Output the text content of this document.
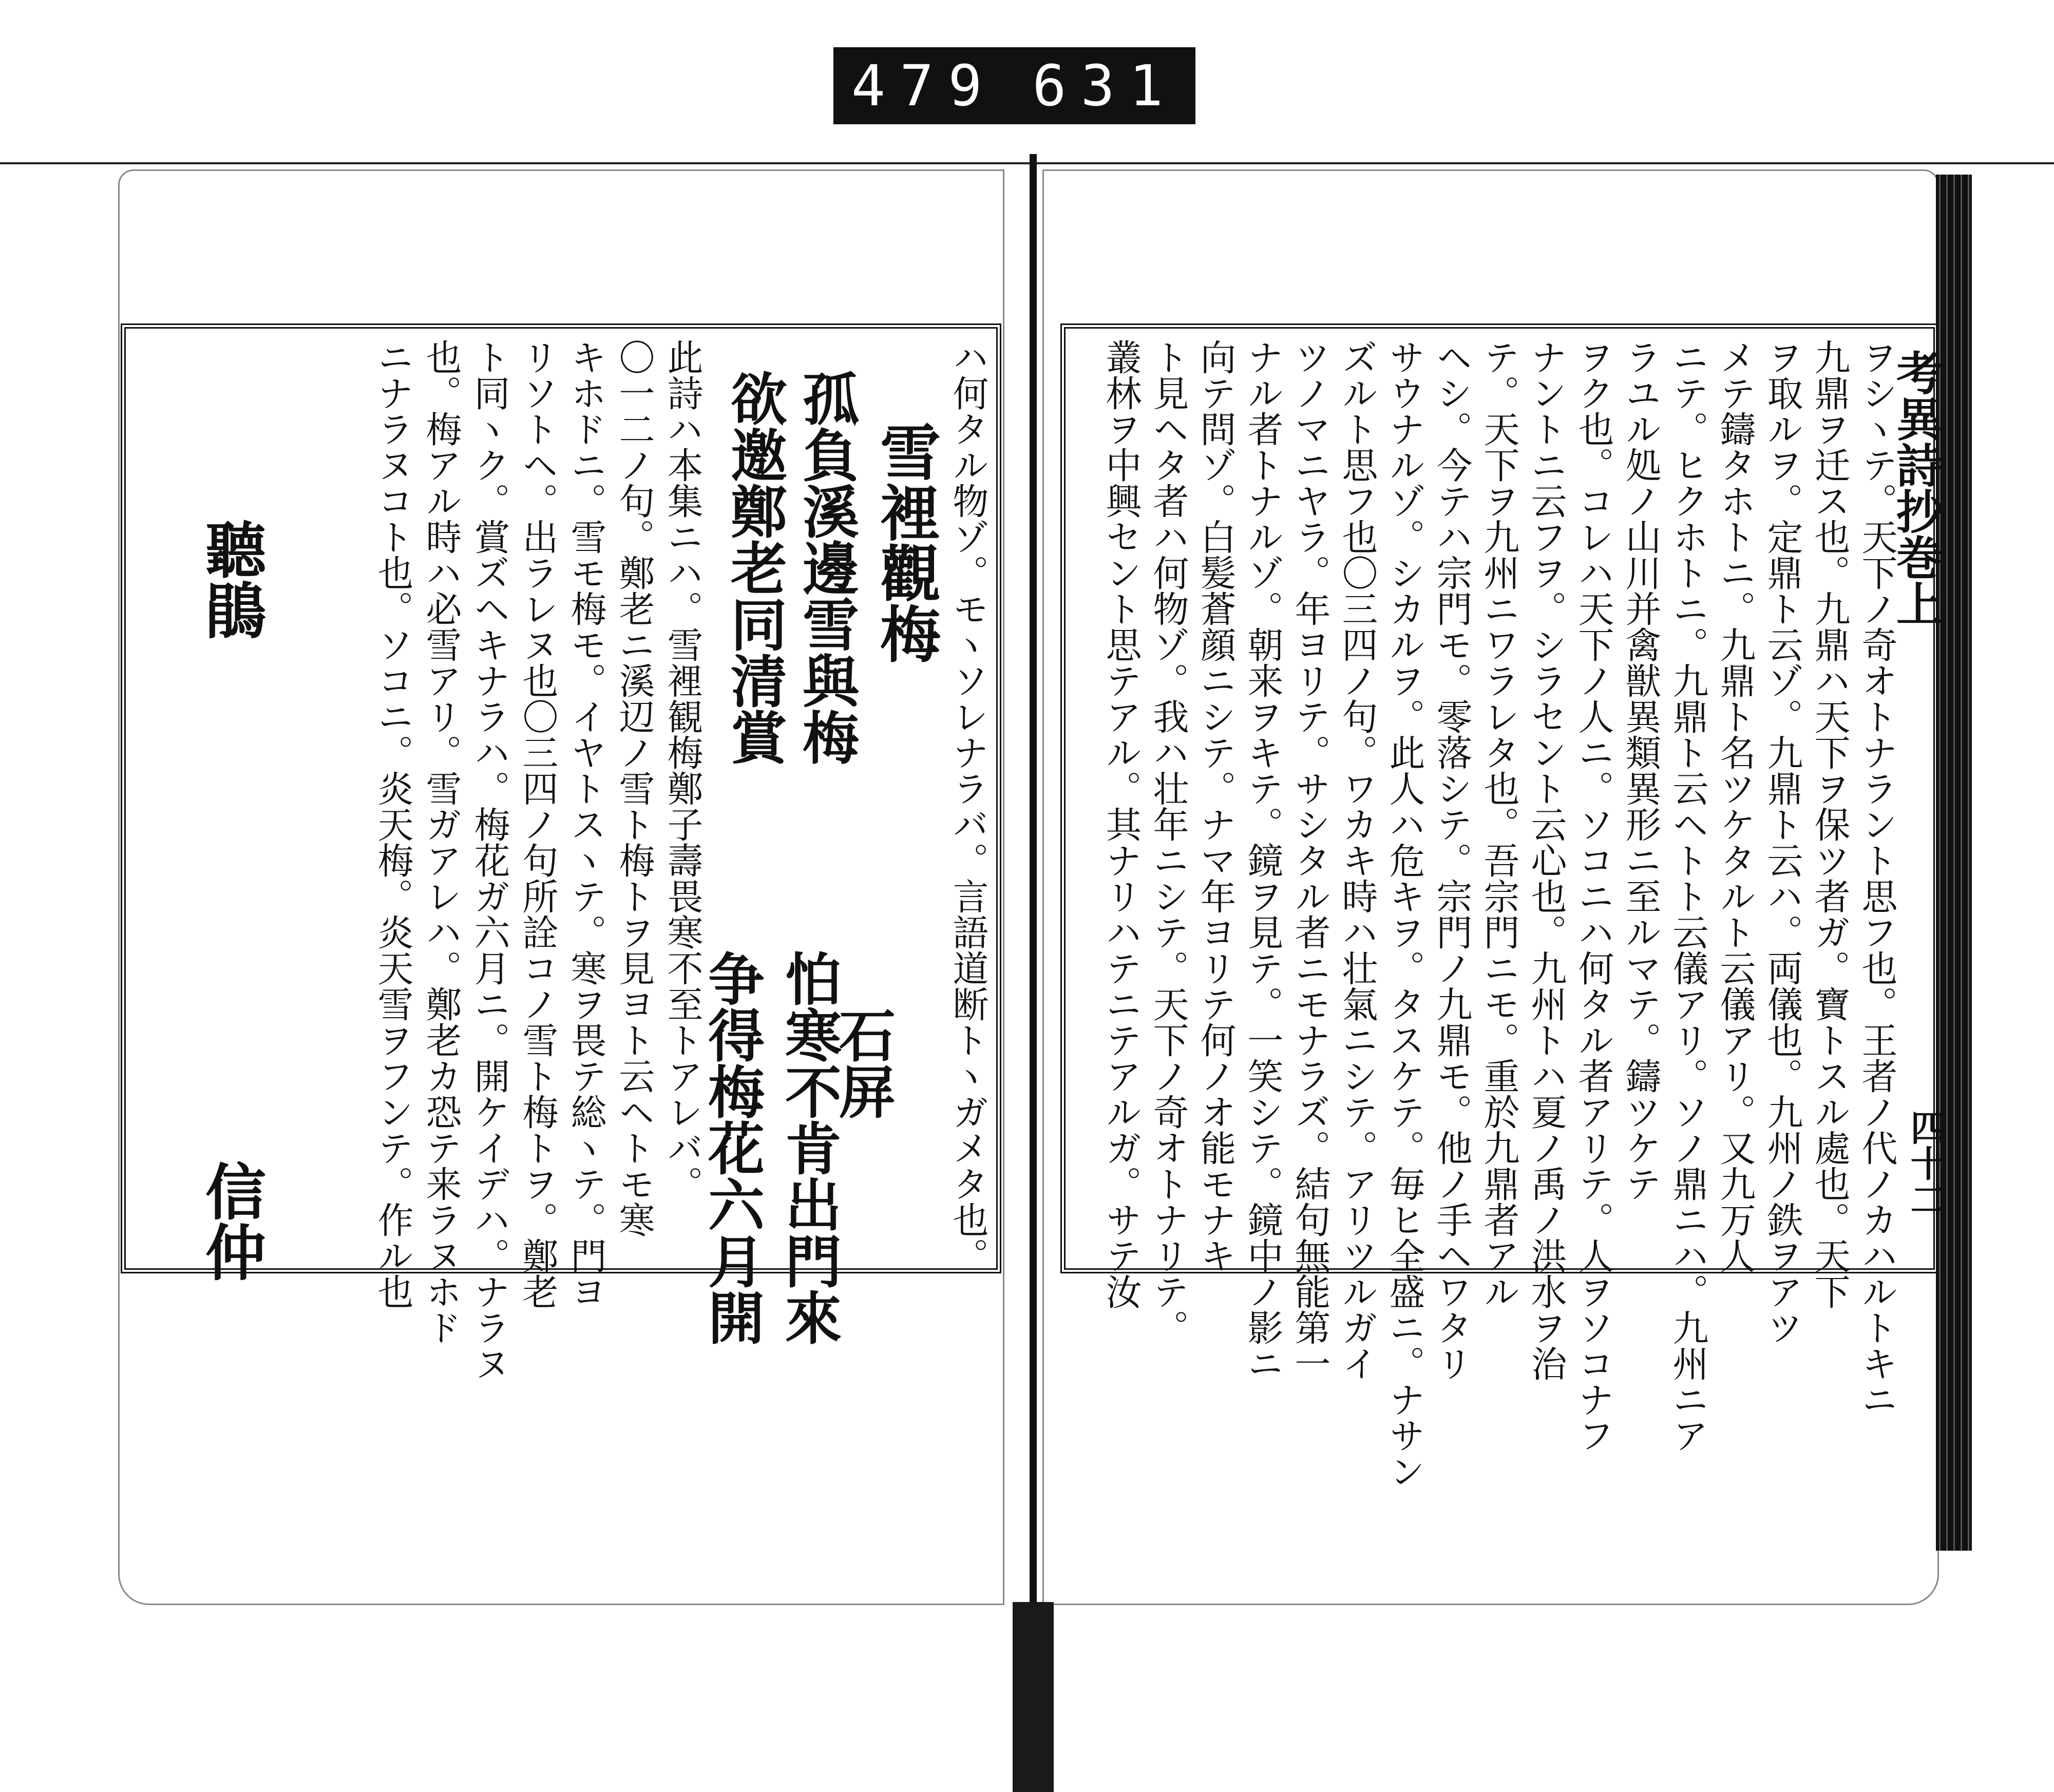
479 631
ヲシヽテ。天下ノ奇オトナラント思フ也。王者ノ代ノカハルトキニ
九鼎ヲ迁ス也。九鼎ハ天下ヲ保ツ者ガ。寶トスル處也。天下
ヲ取ルヲ。定鼎ト云ゾ。九鼎ト云ハ。両儀也。九州ノ鉄ヲアツ
メテ鑄タホトニ。九鼎ト名ツケタルト云儀アリ。又九万人
ニテ。ヒクホトニ。九鼎ト云ヘトト云儀アリ。ソノ鼎ニハ。九州ニア
ラユル処ノ山川并禽獣異類異形ニ至ルマテ。鑄ツケテ
ヲク也。コレハ天下ノ人ニ。ソコニハ何タル者アリテ。人ヲソコナフ
ナントニ云フヲ。シラセント云心也。九州トハ夏ノ禹ノ洪水ヲ治
テ。天下ヲ九州ニワラレタ也。吾宗門ニモ。重於九鼎者アル
ヘシ。今テハ宗門モ。零落シテ。宗門ノ九鼎モ。他ノ手ヘワタリ
サウナルゾ。シカルヲ。此人ハ危キヲ。タスケテ。毎ヒ全盛ニ。ナサン
ズルト思フ也〇三四ノ句。ワカキ時ハ壮氣ニシテ。アリツルガイ
ツノマニヤラ。年ヨリテ。サシタル者ニモナラズ。結句無能第一
ナル者トナルゾ。朝来ヲキテ。鏡ヲ見テ。一笑シテ。鏡中ノ影ニ
向テ問ゾ。白髪蒼顔ニシテ。ナマ年ヨリテ何ノオ能モナキ
ト見ヘタ者ハ何物ゾ。我ハ壮年ニシテ。天下ノ奇オトナリテ。
叢林ヲ中興セント思テアル。其ナリハテニテアルガ。サテ汝	考異詩抄巻上
四十二
ハ何タル物ゾ。モヽソレナラバ。言語道断トヽガメタ也。
雪裡觀梅
孤負溪邊雪與梅
欲邀鄭老同清賞
此詩ハ本集ニハ。雪裡観梅鄭子壽畏寒不至トアレバ。
〇一二ノ句。鄭老ニ溪辺ノ雪ト梅トヲ見ヨト云ヘトモ寒
キホドニ。雪モ梅モ。イヤトスヽテ。寒ヲ畏テ総ヽテ。門ヨ
リソトヘ。出ラレヌ也〇三四ノ句所詮コノ雪ト梅トヲ。鄭老
ト同ヽク。賞ズヘキナラハ。梅花ガ六月ニ。開ケイデハ。ナラヌ
也。梅アル時ハ必雪アリ。雪ガアレハ。鄭老カ恐テ来ラヌホド
ニナラヌコト也。ソコニ。炎天梅。炎天雪ヲフンテ。作ル也	怕寒不肯出門來
争得梅花六月開 石屏
聽鵑
信仲
